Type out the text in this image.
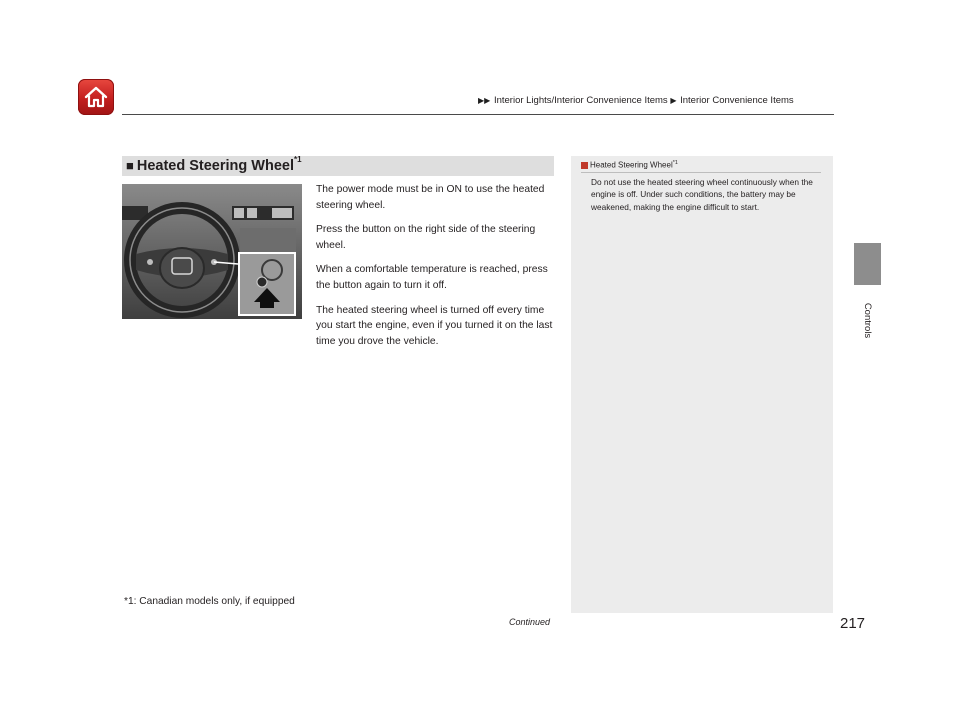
▶▶ Interior Lights/Interior Convenience Items ▶ Interior Convenience Items
Controls
■ Heated Steering Wheel$^{*1}$

The power mode must be in ON to use the heated steering wheel.

Press the button on the right side of the steering wheel.

When a comfortable temperature is reached, press the button again to turn it off.

The heated steering wheel is turned off every time you start the engine, even if you turned it on the last time you drove the vehicle.

Heated Steering Wheel$^{*1}$
Do not use the heated steering wheel continuously when the engine is off. Under such conditions, the battery may be weakened, making the engine difficult to start.
*1: Canadian models only, if equipped
Continued	217
